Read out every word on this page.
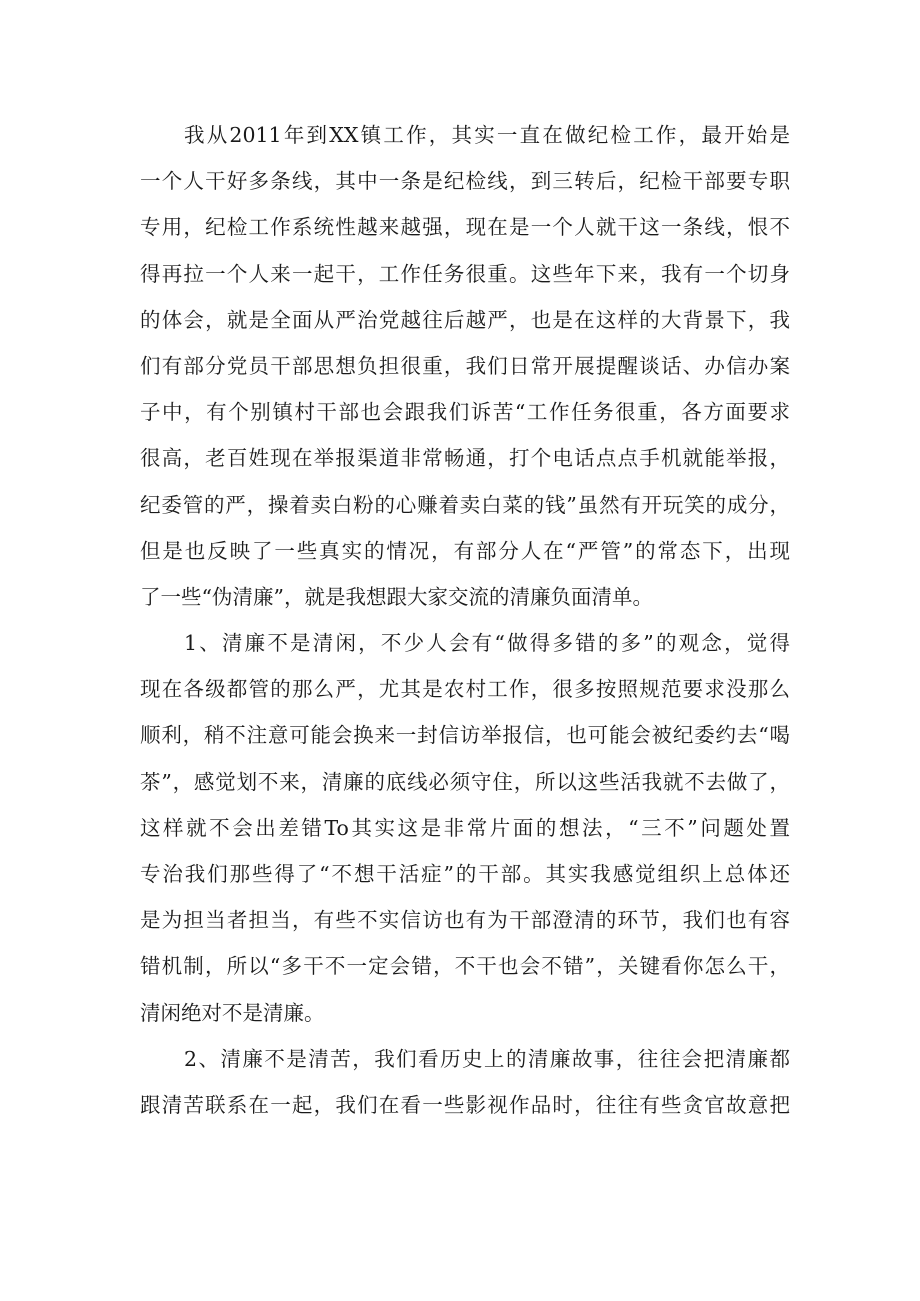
我从2011年到XX镇工作，其实一直在做纪检工作，最开始是
一个人干好多条线，其中一条是纪检线，到三转后，纪检干部要专职
专用，纪检工作系统性越来越强，现在是一个人就干这一条线，恨不
得再拉一个人来一起干，工作任务很重。这些年下来，我有一个切身
的体会，就是全面从严治党越往后越严，也是在这样的大背景下，我
们有部分党员干部思想负担很重，我们日常开展提醒谈话、办信办案
子中，有个别镇村干部也会跟我们诉苦“工作任务很重，各方面要求
很高，老百姓现在举报渠道非常畅通，打个电话点点手机就能举报，
纪委管的严，操着卖白粉的心赚着卖白菜的钱”虽然有开玩笑的成分，
但是也反映了一些真实的情况，有部分人在“严管”的常态下，出现
了一些“伪清廉”，就是我想跟大家交流的清廉负面清单。
1、清廉不是清闲，不少人会有“做得多错的多”的观念，觉得
现在各级都管的那么严，尤其是农村工作，很多按照规范要求没那么
顺利，稍不注意可能会换来一封信访举报信，也可能会被纪委约去“喝
茶”，感觉划不来，清廉的底线必须守住，所以这些活我就不去做了，
这样就不会出差错To其实这是非常片面的想法，“三不”问题处置
专治我们那些得了“不想干活症”的干部。其实我感觉组织上总体还
是为担当者担当，有些不实信访也有为干部澄清的环节，我们也有容
错机制，所以“多干不一定会错，不干也会不错”，关键看你怎么干，
清闲绝对不是清廉。
2、清廉不是清苦，我们看历史上的清廉故事，往往会把清廉都
跟清苦联系在一起，我们在看一些影视作品时，往往有些贪官故意把
